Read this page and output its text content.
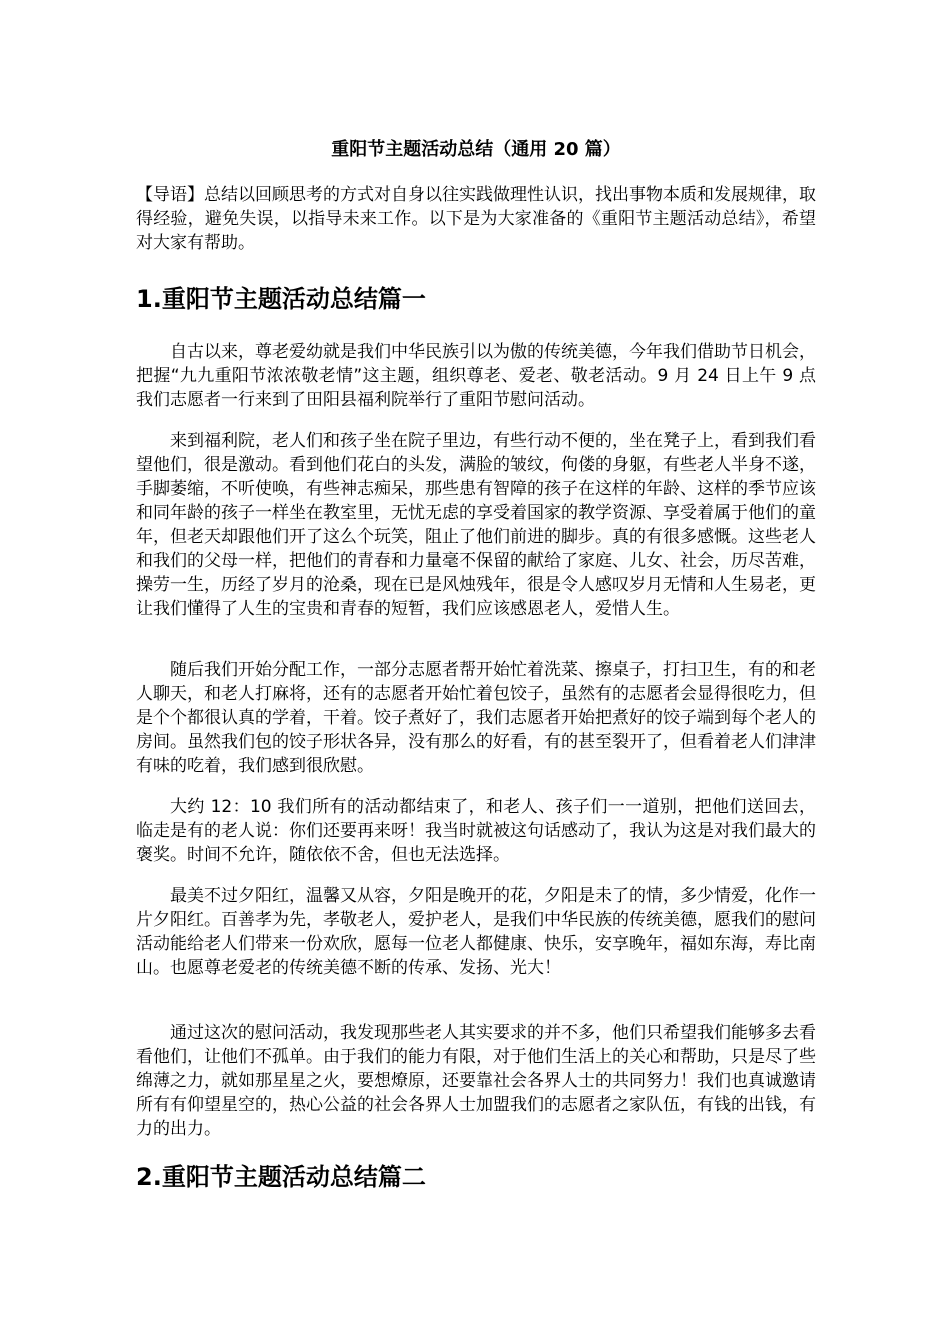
重阳节主题活动总结（通用 20 篇）

【导语】总结以回顾思考的方式对自身以往实践做理性认识，找出事物本质和发展规律，取得经验，避免失误，以指导未来工作。以下是为大家准备的《重阳节主题活动总结》，希望对大家有帮助。

1.重阳节主题活动总结篇一

自古以来，尊老爱幼就是我们中华民族引以为傲的传统美德，今年我们借助节日机会，把握“九九重阳节浓浓敬老情”这主题，组织尊老、爱老、敬老活动。9 月 24 日上午 9 点我们志愿者一行来到了田阳县福利院举行了重阳节慰问活动。

来到福利院，老人们和孩子坐在院子里边，有些行动不便的，坐在凳子上，看到我们看望他们，很是激动。看到他们花白的头发，满脸的皱纹，佝偻的身躯，有些老人半身不遂，手脚萎缩，不听使唤，有些神志痴呆，那些患有智障的孩子在这样的年龄、这样的季节应该和同年龄的孩子一样坐在教室里，无忧无虑的享受着国家的教学资源、享受着属于他们的童年，但老天却跟他们开了这么个玩笑，阻止了他们前进的脚步。真的有很多感慨。这些老人和我们的父母一样，把他们的青春和力量毫不保留的献给了家庭、儿女、社会，历尽苦难，操劳一生，历经了岁月的沧桑，现在已是风烛残年，很是令人感叹岁月无情和人生易老，更让我们懂得了人生的宝贵和青春的短暂，我们应该感恩老人，爱惜人生。

随后我们开始分配工作，一部分志愿者帮开始忙着洗菜、擦桌子，打扫卫生，有的和老人聊天，和老人打麻将，还有的志愿者开始忙着包饺子，虽然有的志愿者会显得很吃力，但是个个都很认真的学着，干着。饺子煮好了，我们志愿者开始把煮好的饺子端到每个老人的房间。虽然我们包的饺子形状各异，没有那么的好看，有的甚至裂开了，但看着老人们津津有味的吃着，我们感到很欣慰。

大约 12：10 我们所有的活动都结束了，和老人、孩子们一一道别，把他们送回去，临走是有的老人说：你们还要再来呀！我当时就被这句话感动了，我认为这是对我们最大的褒奖。时间不允许，随依依不舍，但也无法选择。

最美不过夕阳红，温馨又从容，夕阳是晚开的花，夕阳是未了的情，多少情爱，化作一片夕阳红。百善孝为先，孝敬老人，爱护老人，是我们中华民族的传统美德，愿我们的慰问活动能给老人们带来一份欢欣，愿每一位老人都健康、快乐，安享晚年，福如东海，寿比南山。也愿尊老爱老的传统美德不断的传承、发扬、光大！

通过这次的慰问活动，我发现那些老人其实要求的并不多，他们只希望我们能够多去看看他们，让他们不孤单。由于我们的能力有限，对于他们生活上的关心和帮助，只是尽了些绵薄之力，就如那星星之火，要想燎原，还要靠社会各界人士的共同努力！我们也真诚邀请所有有仰望星空的，热心公益的社会各界人士加盟我们的志愿者之家队伍，有钱的出钱，有力的出力。

2.重阳节主题活动总结篇二
